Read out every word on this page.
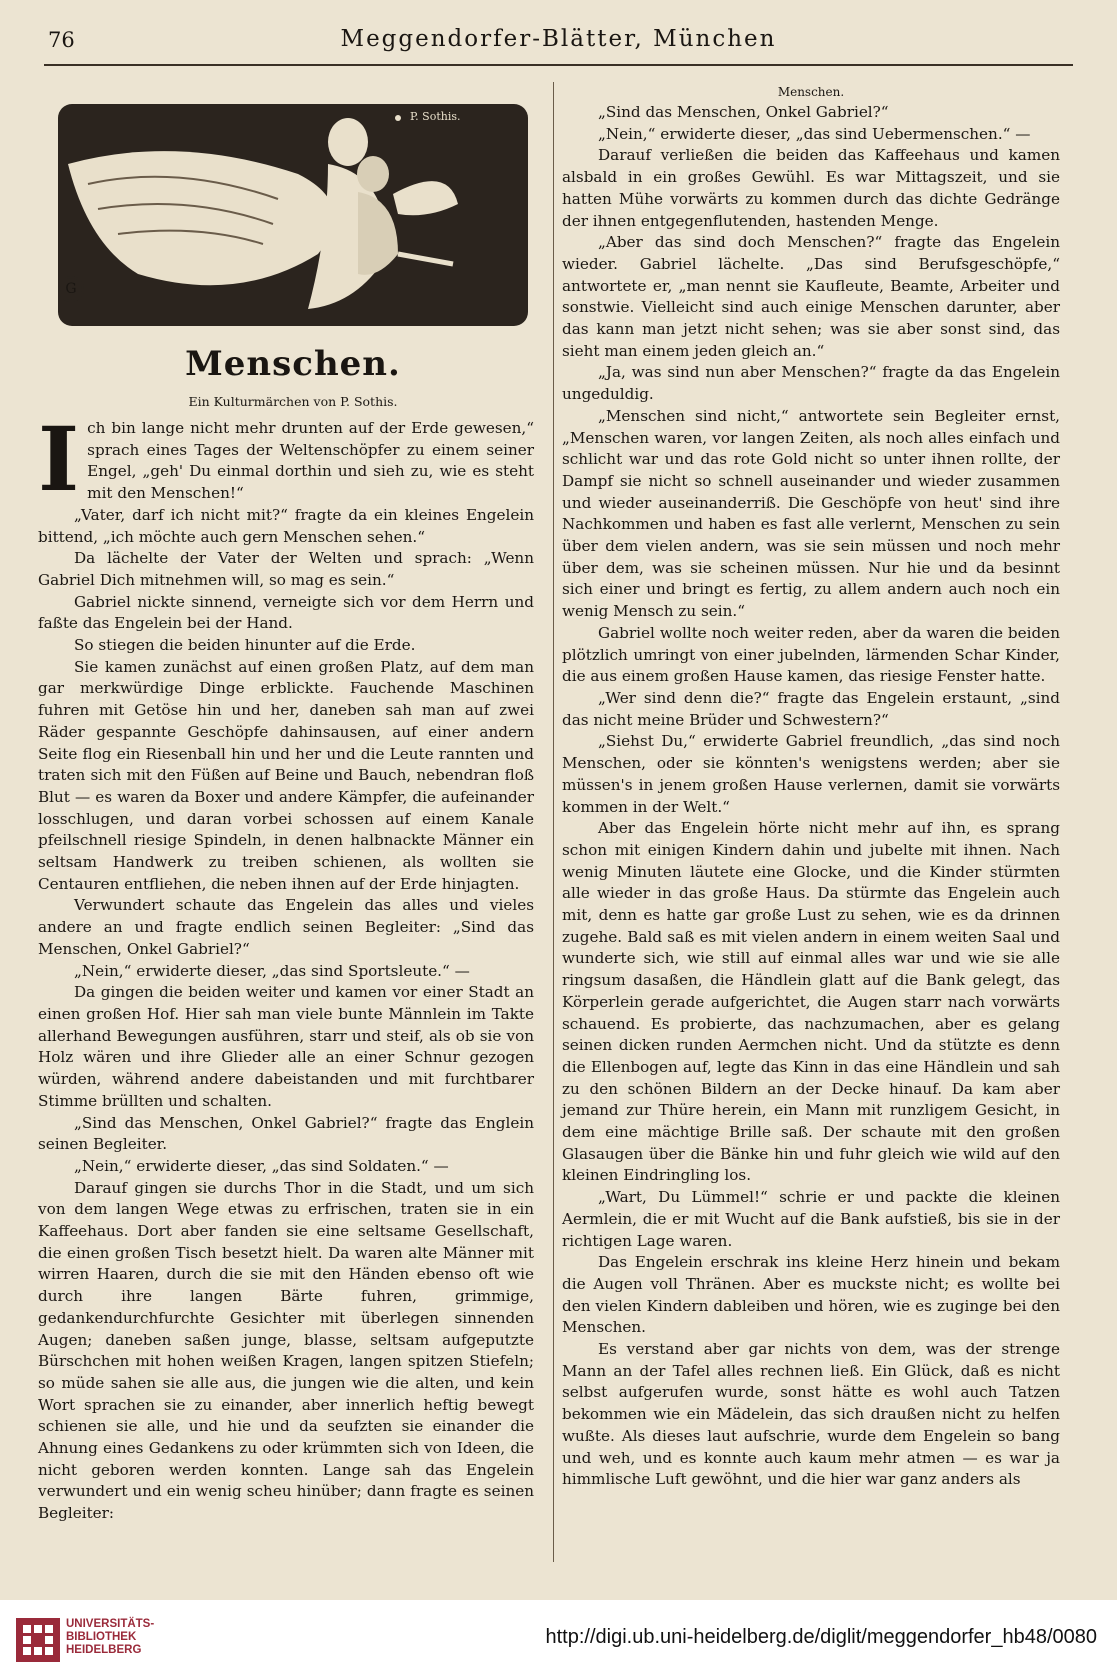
76	Meggendorfer-Blätter, München
P. Sothis.
G
Menschen.
Ein Kulturmärchen von P. Sothis.

Ich bin lange nicht mehr drunten auf der Erde gewesen,“ sprach eines Tages der Weltenschöpfer zu einem seiner Engel, „geh' Du einmal dorthin und sieh zu, wie es steht mit den Menschen!“

„Vater, darf ich nicht mit?“ fragte da ein kleines Engelein bittend, „ich möchte auch gern Menschen sehen.“

Da lächelte der Vater der Welten und sprach: „Wenn Gabriel Dich mitnehmen will, so mag es sein.“

Gabriel nickte sinnend, verneigte sich vor dem Herrn und faßte das Engelein bei der Hand.

So stiegen die beiden hinunter auf die Erde.

Sie kamen zunächst auf einen großen Platz, auf dem man gar merkwürdige Dinge erblickte. Fauchende Maschinen fuhren mit Getöse hin und her, daneben sah man auf zwei Räder gespannte Geschöpfe dahinsausen, auf einer andern Seite flog ein Riesenball hin und her und die Leute rannten und traten sich mit den Füßen auf Beine und Bauch, nebendran floß Blut — es waren da Boxer und andere Kämpfer, die aufeinander losschlugen, und daran vorbei schossen auf einem Kanale pfeilschnell riesige Spindeln, in denen halbnackte Männer ein seltsam Handwerk zu treiben schienen, als wollten sie Centauren entfliehen, die neben ihnen auf der Erde hinjagten.

Verwundert schaute das Engelein das alles und vieles andere an und fragte endlich seinen Begleiter: „Sind das Menschen, Onkel Gabriel?“

„Nein,“ erwiderte dieser, „das sind Sportsleute.“ —

Da gingen die beiden weiter und kamen vor einer Stadt an einen großen Hof. Hier sah man viele bunte Männlein im Takte allerhand Bewegungen ausführen, starr und steif, als ob sie von Holz wären und ihre Glieder alle an einer Schnur gezogen würden, während andere dabeistanden und mit furchtbarer Stimme brüllten und schalten.

„Sind das Menschen, Onkel Gabriel?“ fragte das Englein seinen Begleiter.

„Nein,“ erwiderte dieser, „das sind Soldaten.“ —

Darauf gingen sie durchs Thor in die Stadt, und um sich von dem langen Wege etwas zu erfrischen, traten sie in ein Kaffeehaus. Dort aber fanden sie eine seltsame Gesellschaft, die einen großen Tisch besetzt hielt. Da waren alte Männer mit wirren Haaren, durch die sie mit den Händen ebenso oft wie durch ihre langen Bärte fuhren, grimmige, gedankendurchfurchte Gesichter mit überlegen sinnenden Augen; daneben saßen junge, blasse, seltsam aufgeputzte Bürschchen mit hohen weißen Kragen, langen spitzen Stiefeln; so müde sahen sie alle aus, die jungen wie die alten, und kein Wort sprachen sie zu einander, aber innerlich heftig bewegt schienen sie alle, und hie und da seufzten sie einander die Ahnung eines Gedankens zu oder krümmten sich von Ideen, die nicht geboren werden konnten. Lange sah das Engelein verwundert und ein wenig scheu hinüber; dann fragte es seinen Begleiter:

Menschen.

„Sind das Menschen, Onkel Gabriel?“

„Nein,“ erwiderte dieser, „das sind Uebermenschen.“ —

Darauf verließen die beiden das Kaffeehaus und kamen alsbald in ein großes Gewühl. Es war Mittagszeit, und sie hatten Mühe vorwärts zu kommen durch das dichte Gedränge der ihnen entgegenflutenden, hastenden Menge.

„Aber das sind doch Menschen?“ fragte das Engelein wieder. Gabriel lächelte. „Das sind Berufsgeschöpfe,“ antwortete er, „man nennt sie Kaufleute, Beamte, Arbeiter und sonstwie. Vielleicht sind auch einige Menschen darunter, aber das kann man jetzt nicht sehen; was sie aber sonst sind, das sieht man einem jeden gleich an.“

„Ja, was sind nun aber Menschen?“ fragte da das Engelein ungeduldig.

„Menschen sind nicht,“ antwortete sein Begleiter ernst, „Menschen waren, vor langen Zeiten, als noch alles einfach und schlicht war und das rote Gold nicht so unter ihnen rollte, der Dampf sie nicht so schnell auseinander und wieder zusammen und wieder auseinanderriß. Die Geschöpfe von heut' sind ihre Nachkommen und haben es fast alle verlernt, Menschen zu sein über dem vielen andern, was sie sein müssen und noch mehr über dem, was sie scheinen müssen. Nur hie und da besinnt sich einer und bringt es fertig, zu allem andern auch noch ein wenig Mensch zu sein.“

Gabriel wollte noch weiter reden, aber da waren die beiden plötzlich umringt von einer jubelnden, lärmenden Schar Kinder, die aus einem großen Hause kamen, das riesige Fenster hatte.

„Wer sind denn die?“ fragte das Engelein erstaunt, „sind das nicht meine Brüder und Schwestern?“

„Siehst Du,“ erwiderte Gabriel freundlich, „das sind noch Menschen, oder sie könnten's wenigstens werden; aber sie müssen's in jenem großen Hause verlernen, damit sie vorwärts kommen in der Welt.“

Aber das Engelein hörte nicht mehr auf ihn, es sprang schon mit einigen Kindern dahin und jubelte mit ihnen. Nach wenig Minuten läutete eine Glocke, und die Kinder stürmten alle wieder in das große Haus. Da stürmte das Engelein auch mit, denn es hatte gar große Lust zu sehen, wie es da drinnen zugehe. Bald saß es mit vielen andern in einem weiten Saal und wunderte sich, wie still auf einmal alles war und wie sie alle ringsum dasaßen, die Händlein glatt auf die Bank gelegt, das Körperlein gerade aufgerichtet, die Augen starr nach vorwärts schauend. Es probierte, das nachzumachen, aber es gelang seinen dicken runden Aermchen nicht. Und da stützte es denn die Ellenbogen auf, legte das Kinn in das eine Händlein und sah zu den schönen Bildern an der Decke hinauf. Da kam aber jemand zur Thüre herein, ein Mann mit runzligem Gesicht, in dem eine mächtige Brille saß. Der schaute mit den großen Glasaugen über die Bänke hin und fuhr gleich wie wild auf den kleinen Eindringling los.

„Wart, Du Lümmel!“ schrie er und packte die kleinen Aermlein, die er mit Wucht auf die Bank aufstieß, bis sie in der richtigen Lage waren.

Das Engelein erschrak ins kleine Herz hinein und bekam die Augen voll Thränen. Aber es muckste nicht; es wollte bei den vielen Kindern dableiben und hören, wie es zuginge bei den Menschen.

Es verstand aber gar nichts von dem, was der strenge Mann an der Tafel alles rechnen ließ. Ein Glück, daß es nicht selbst aufgerufen wurde, sonst hätte es wohl auch Tatzen bekommen wie ein Mädelein, das sich draußen nicht zu helfen wußte. Als dieses laut aufschrie, wurde dem Engelein so bang und weh, und es konnte auch kaum mehr atmen — es war ja himmlische Luft gewöhnt, und die hier war ganz anders als

UNIVERSITÄTS-
BIBLIOTHEK
HEIDELBERG
http://digi.ub.uni-heidelberg.de/diglit/meggendorfer_hb48/0080
